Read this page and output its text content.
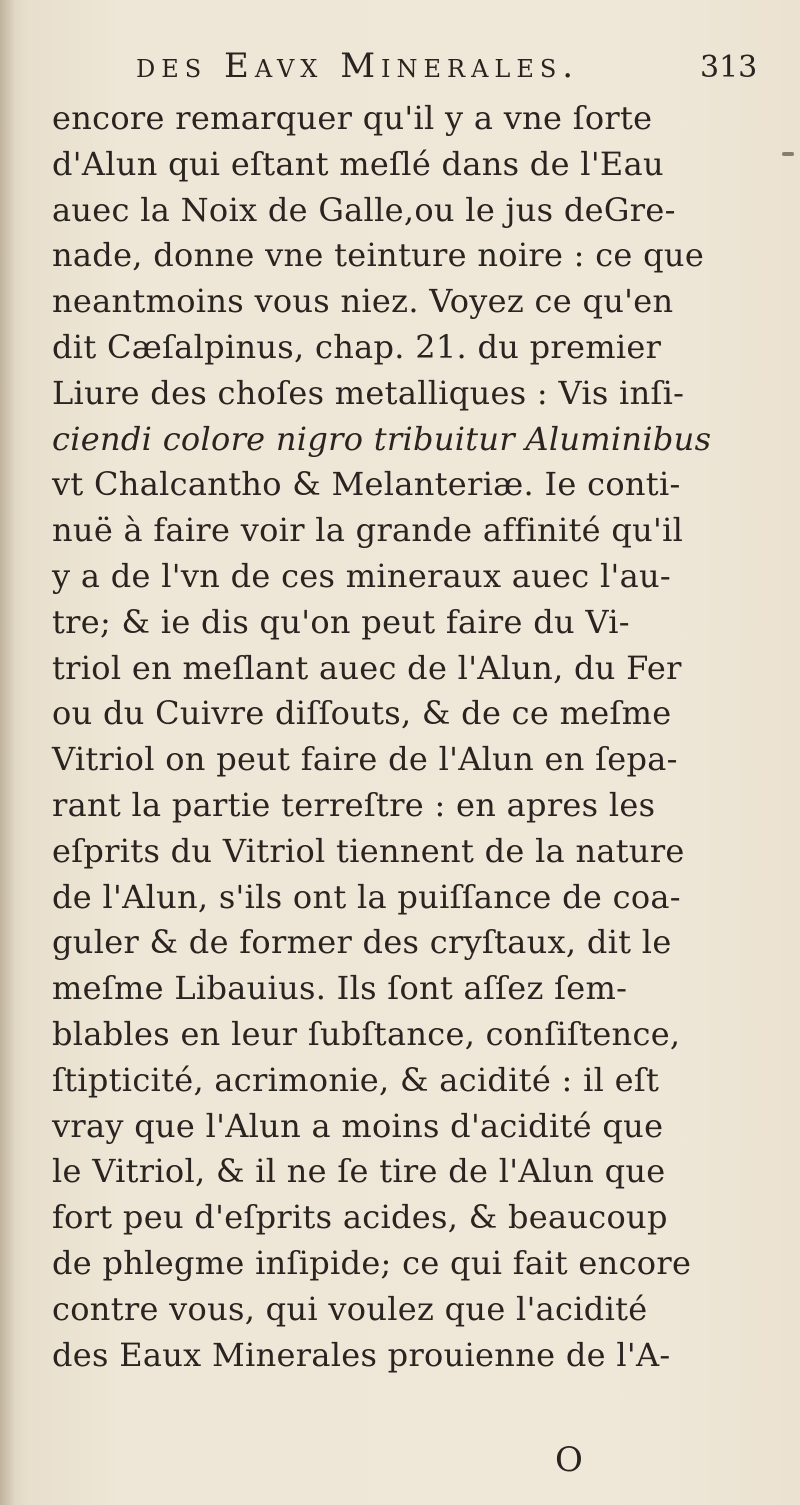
des Eavx Minerales.	313
encore remarquer qu'il y a vne ſorte
d'Alun qui eſtant meſlé dans de l'Eau
auec la Noix de Galle,ou le jus deGre-
nade, donne vne teinture noire : ce que
neantmoins vous niez. Voyez ce qu'en
dit Cæſalpinus, chap. 21. du premier
Liure des choſes metalliques : Vis inſi-
ciendi colore nigro tribuitur Aluminibus
vt Chalcantho & Melanteriæ. Ie conti-
nuë à faire voir la grande affinité qu'il
y a de l'vn de ces mineraux auec l'au-
tre; & ie dis qu'on peut faire du Vi-
triol en meſlant auec de l'Alun, du Fer
ou du Cuivre diſſouts, & de ce meſme
Vitriol on peut faire de l'Alun en ſepa-
rant la partie terreſtre : en apres les
eſprits du Vitriol tiennent de la nature
de l'Alun, s'ils ont la puiſſance de coa-
guler & de former des cryſtaux, dit le
meſme Libauius. Ils ſont aſſez ſem-
blables en leur ſubſtance, conſiſtence,
ſtipticité, acrimonie, & acidité : il eſt
vray que l'Alun a moins d'acidité que
le Vitriol, & il ne ſe tire de l'Alun que
fort peu d'eſprits acides, & beaucoup
de phlegme inſipide; ce qui fait encore
contre vous, qui voulez que l'acidité
des Eaux Minerales prouienne de l'A-
O
